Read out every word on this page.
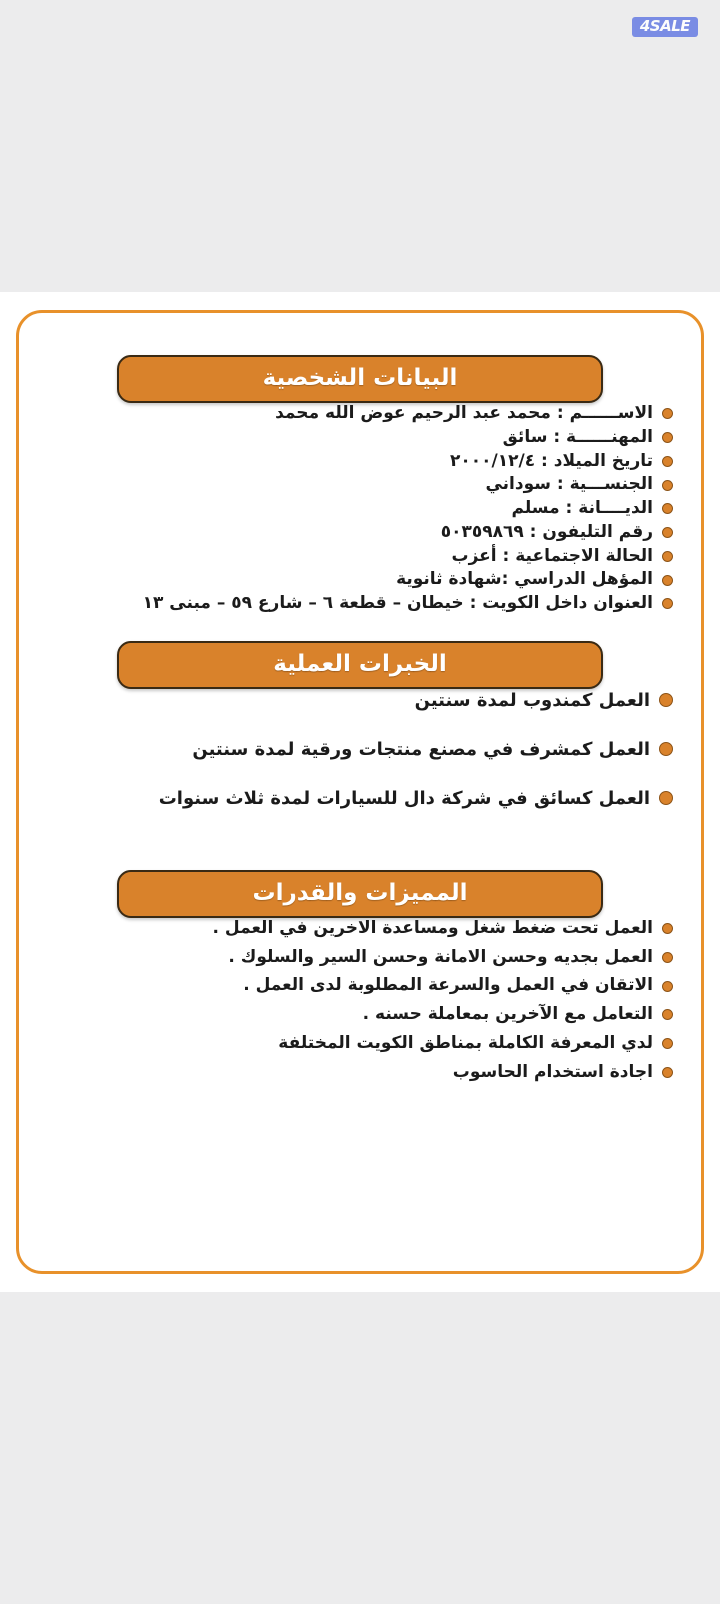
4SALE
البيانات الشخصية
الاســــــم : محمد عبد الرحيم عوض الله محمد
المهنــــــة : سائق
تاريخ الميلاد : ٢٠٠٠/١٢/٤
الجنســـية : سوداني
الديــــانة : مسلم
رقم التليفون : ٥٠٣٥٩٨٦٩
الحالة الاجتماعية : أعزب
المؤهل الدراسي :شهادة ثانوية
العنوان داخل الكويت : خيطان – قطعة ٦ – شارع ٥٩ – مبنى ١٣
الخبرات العملية
العمل كمندوب لمدة سنتين
العمل كمشرف في مصنع منتجات ورقية لمدة سنتين
العمل كسائق في شركة دال للسيارات لمدة ثلاث سنوات
المميزات والقدرات
العمل تحت ضغط شغل ومساعدة الاخرين في العمل .
العمل بجديه وحسن الامانة وحسن السير والسلوك .
الاتقان في العمل والسرعة المطلوبة لدى العمل .
التعامل مع الآخرين بمعاملة حسنه .
لدي المعرفة الكاملة بمناطق الكويت المختلفة
اجادة استخدام الحاسوب
